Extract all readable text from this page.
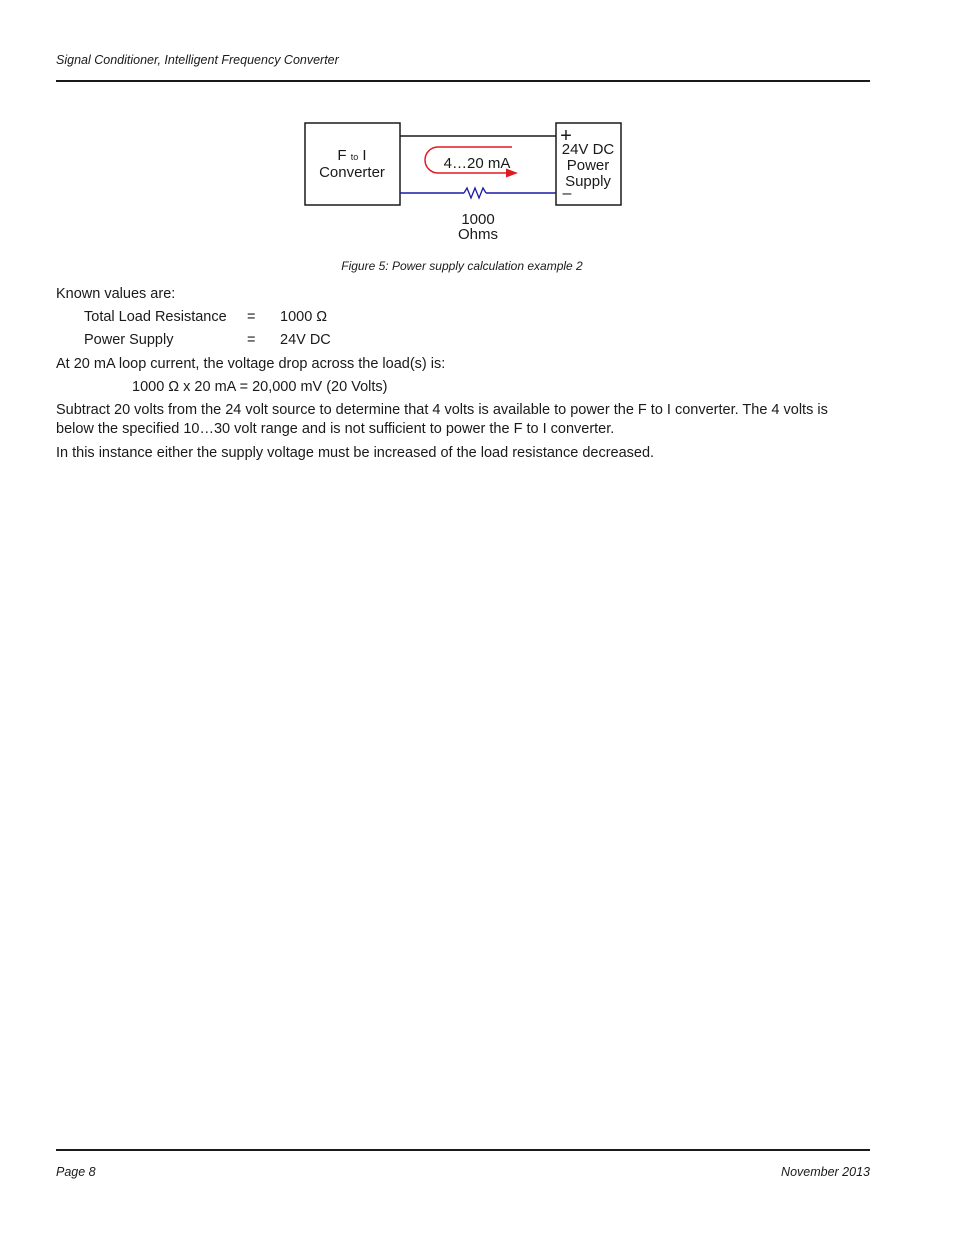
Signal Conditioner, Intelligent Frequency Converter
F to I
Converter
+
24V DC
Power
Supply
–
4…20 mA
1000
Ohms
Figure 5: Power supply calculation example 2
Known values are:
Total Load Resistance = 1000 Ω
Power Supply	= 24V DC
At 20 mA loop current, the voltage drop across the load(s) is:
1000 Ω x 20 mA = 20,000 mV (20 Volts)
Subtract 20 volts from the 24 volt source to determine that 4 volts is available to power the F to I converter. The 4 volts is below the specified 10…30 volt range and is not sufficient to power the F to I converter.
In this instance either the supply voltage must be increased of the load resistance decreased.
Page 8	November 2013
